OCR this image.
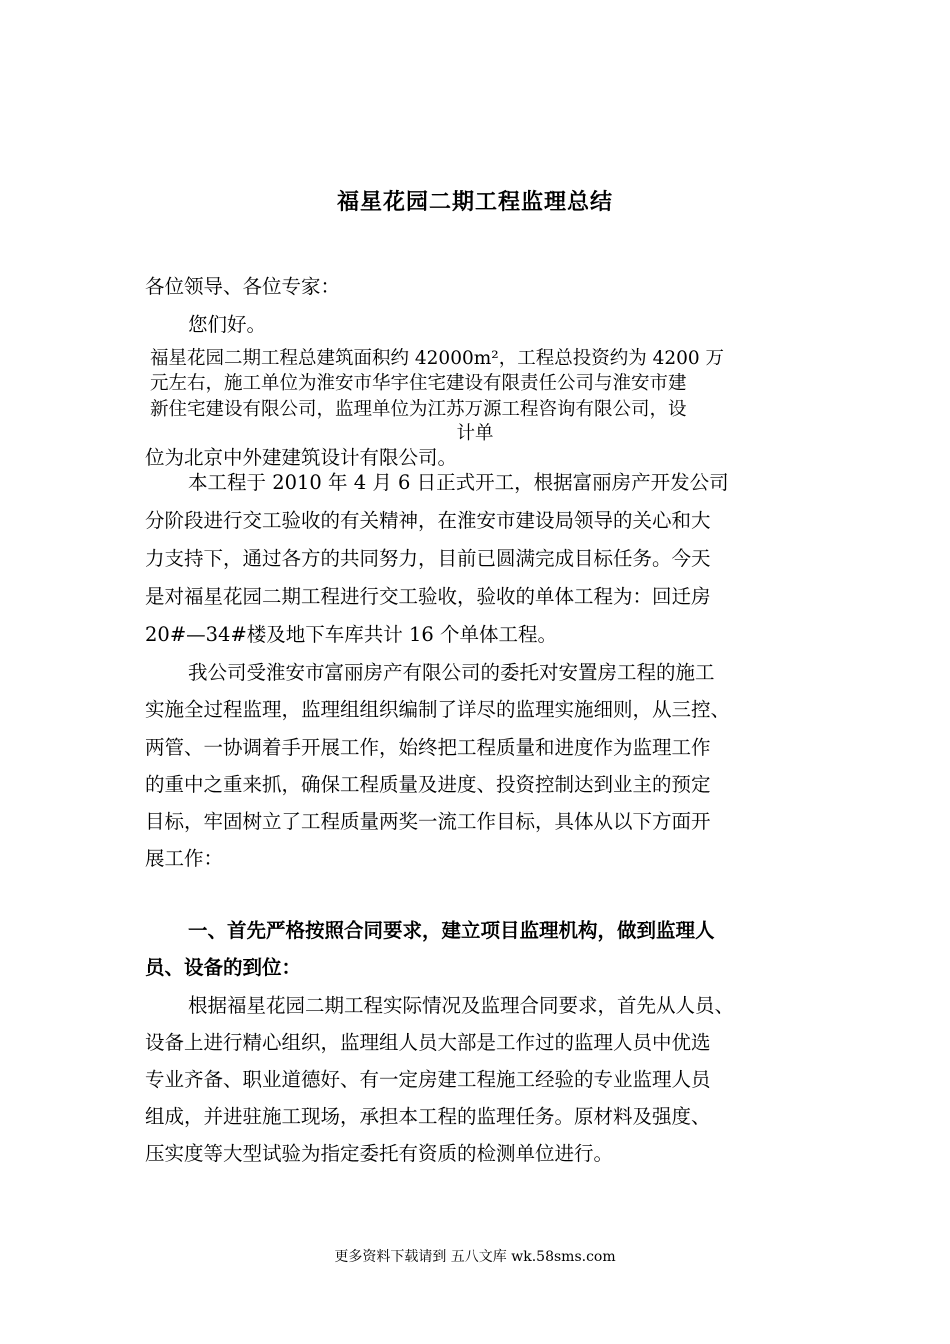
福星花园二期工程监理总结
各位领导、各位专家：
您们好。
福星花园二期工程总建筑面积约 42000m²，工程总投资约为 4200 万
元左右，施工单位为淮安市华宇住宅建设有限责任公司与淮安市建
新住宅建设有限公司，监理单位为江苏万源工程咨询有限公司，设
计单
位为北京中外建建筑设计有限公司。
本工程于 2010 年 4 月 6 日正式开工，根据富丽房产开发公司
分阶段进行交工验收的有关精神，在淮安市建设局领导的关心和大
力支持下，通过各方的共同努力，目前已圆满完成目标任务。今天
是对福星花园二期工程进行交工验收，验收的单体工程为：回迁房
20#—34#楼及地下车库共计 16 个单体工程。
我公司受淮安市富丽房产有限公司的委托对安置房工程的施工
实施全过程监理，监理组组织编制了详尽的监理实施细则，从三控、
两管、一协调着手开展工作，始终把工程质量和进度作为监理工作
的重中之重来抓，确保工程质量及进度、投资控制达到业主的预定
目标，牢固树立了工程质量两奖一流工作目标，具体从以下方面开
展工作：
一、首先严格按照合同要求，建立项目监理机构，做到监理人
员、设备的到位：
根据福星花园二期工程实际情况及监理合同要求，首先从人员、
设备上进行精心组织，监理组人员大部是工作过的监理人员中优选
专业齐备、职业道德好、有一定房建工程施工经验的专业监理人员
组成，并进驻施工现场，承担本工程的监理任务。原材料及强度、
压实度等大型试验为指定委托有资质的检测单位进行。
更多资料下载请到 五八文库 wk.58sms.com
